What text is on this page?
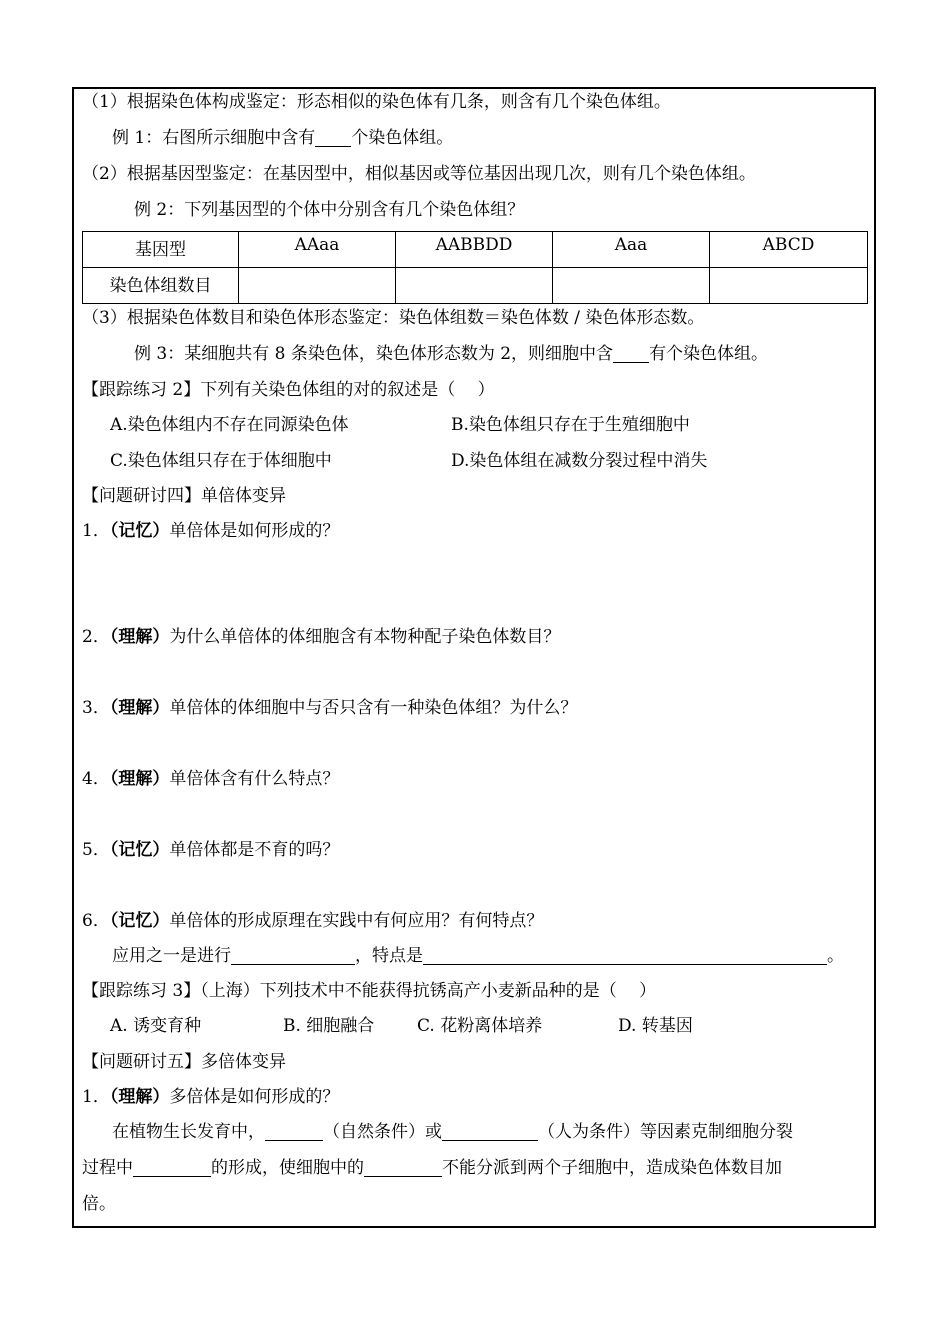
（1）根据染色体构成鉴定：形态相似的染色体有几条，则含有几个染色体组。
例 1：右图所示细胞中含有 个染色体组。
（2）根据基因型鉴定：在基因型中，相似基因或等位基因出现几次，则有几个染色体组。
例 2：下列基因型的个体中分别含有几个染色体组？
基因型	AAaa	AABBDD	Aaa	ABCD

染色体组数目				

（3）根据染色体数目和染色体形态鉴定：染色体组数＝染色体数 / 染色体形态数。
例 3：某细胞共有 8 条染色体，染色体形态数为 2，则细胞中含 有个染色体组。
【跟踪练习 2】下列有关染色体组的对的叙述是（　 ）
A.染色体组内不存在同源染色体	B.染色体组只存在于生殖细胞中
C.染色体组只存在于体细胞中	D.染色体组在减数分裂过程中消失
【问题研讨四】单倍体变异
1．（记忆）单倍体是如何形成的？
2．（理解）为什么单倍体的体细胞含有本物种配子染色体数目？
3．（理解）单倍体的体细胞中与否只含有一种染色体组？为什么？
4．（理解）单倍体含有什么特点？
5．（记忆）单倍体都是不育的吗？
6．（记忆）单倍体的形成原理在实践中有何应用？有何特点？
应用之一是进行	，特点是	。
【跟踪练习 3】（上海）下列技术中不能获得抗锈高产小麦新品种的是（　 ）
A. 诱变育种	B. 细胞融合	C. 花粉离体培养	D. 转基因
【问题研讨五】多倍体变异
1．（理解）多倍体是如何形成的？
在植物生长发育中，	（自然条件）或	（人为条件）等因素克制细胞分裂
过程中	的形成，使细胞中的	不能分派到两个子细胞中，造成染色体数目加
倍。
